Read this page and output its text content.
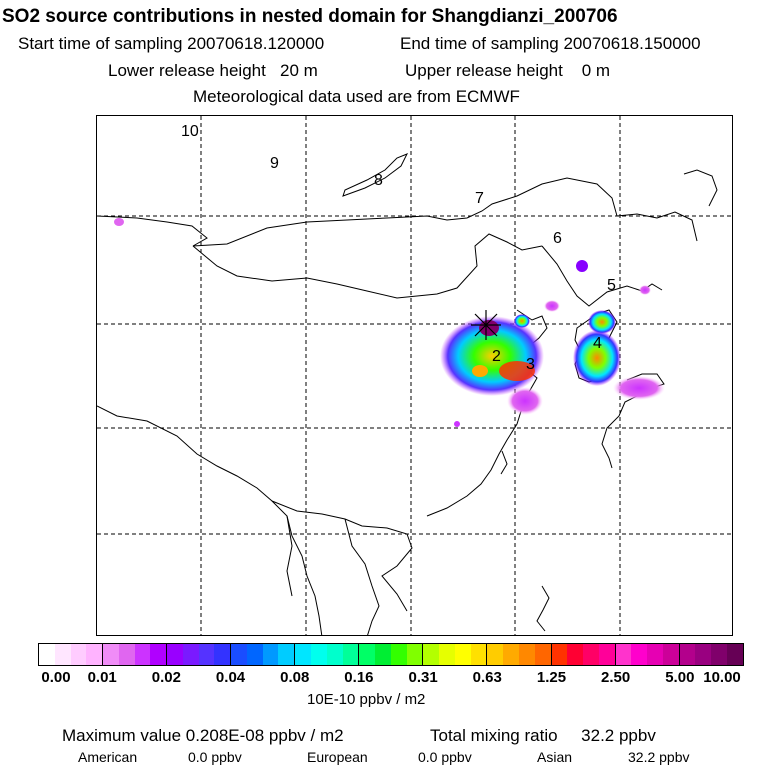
SO2 source contributions in nested domain for Shangdianzi_200706
Start time of sampling 20070618.120000	End time of sampling 20070618.150000
Lower release height   20 m	Upper release height    0 m
Meteorological data used are from ECMWF
10
9
8
7
6
5
4
3
2
0.00 0.01 0.02 0.04 0.08 0.16 0.31 0.63 1.25 2.50 5.00 10.00
10E-10 ppbv / m2
Maximum value 0.208E-08 ppbv / m2	Total mixing ratio     32.2 ppbv
American	0.0 ppbv	European	0.0 ppbv	Asian	32.2 ppbv
